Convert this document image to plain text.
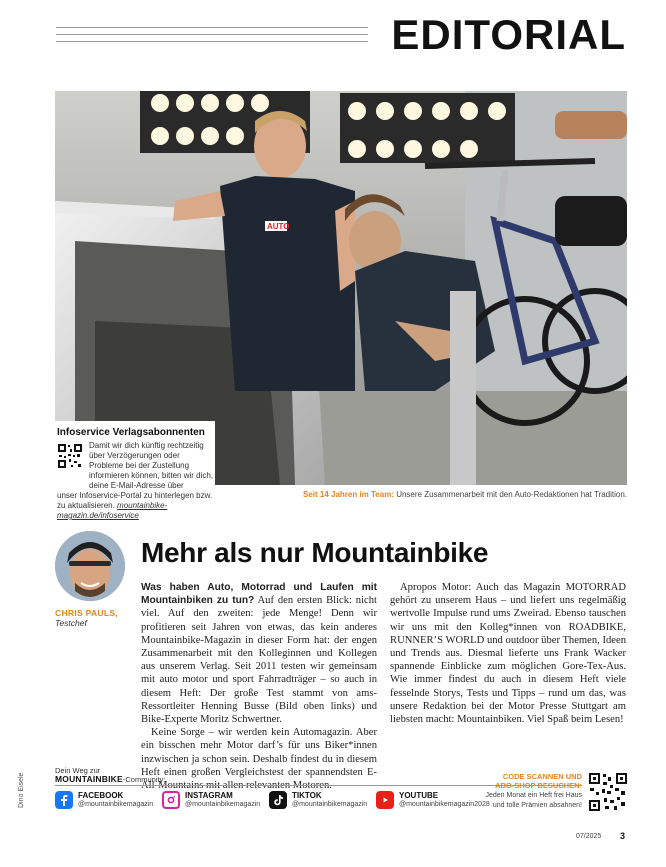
EDITORIAL
AUTO
Infoservice Verlagsabonnenten
Damit wir dich künftig rechtzeitig über Verzögerungen oder Probleme bei der Zustellung informieren können, bitten wir dich, deine E-Mail-Adresse über
unser Infoservice-Portal zu hinterlegen bzw. zu aktualisieren. mountainbike-magazin.de/infoservice
Seit 14 Jahren im Team: Unsere Zusammenarbeit mit den Auto-Redaktionen hat Tradition.
CHRIS PAULS,
Testchef
Mehr als nur Mountainbike

Was haben Auto, Motorrad und Laufen mit Mountainbiken zu tun? Auf den ersten Blick: nicht viel. Auf den zweiten: jede Menge! Denn wir profitieren seit Jahren von etwas, das kein anderes Mountainbike-Magazin in dieser Form hat: der engen Zusammenarbeit mit den Kolleginnen und Kollegen aus unserem Verlag. Seit 2011 testen wir gemeinsam mit auto motor und sport Fahrradträger – so auch in diesem Heft: Der große Test stammt von ams-Ressortleiter Henning Busse (Bild oben links) und Bike-Experte Moritz Schwertner.

Keine Sorge – wir werden kein Automagazin. Aber ein bisschen mehr Motor darf’s für uns Biker*innen inzwischen ja schon sein. Deshalb findest du in diesem Heft einen großen Vergleichstest der spannendsten E-

Apropos Motor: Auch das Magazin MOTORRAD gehört zu unserem Haus – und liefert uns regelmäßig wertvolle Impulse rund ums Zweirad. Ebenso tauschen wir uns mit den Kolleg*innen von ROADBIKE, RUNNER’S WORLD und outdoor über Themen, Ideen und Trends aus. Diesmal lieferte uns Frank Wacker spannende Einblicke zum möglichen Gore-Tex-Aus. Wie immer findest du auch in diesem Heft viele fesselnde Storys, Tests und Tipps – rund um das, was unsere Redaktion bei der Motor Presse Stuttgart am liebsten macht: Mountainbiken. Viel Spaß beim Lesen!

Dino Eisele
Dein Weg zur
MOUNTAINBIKE-Community:
FACEBOOK
@mountainbikemagazin
INSTAGRAM
@mountainbikemagazin
TIKTOK
@mountainbikemagazin
YOUTUBE
@mountainbikemagazin2028
CODE SCANNEN UND
ABO-SHOP BESUCHEN:
Jeden Monat ein Heft frei Haus
und tolle Prämien absahnen!
07/2025 3
